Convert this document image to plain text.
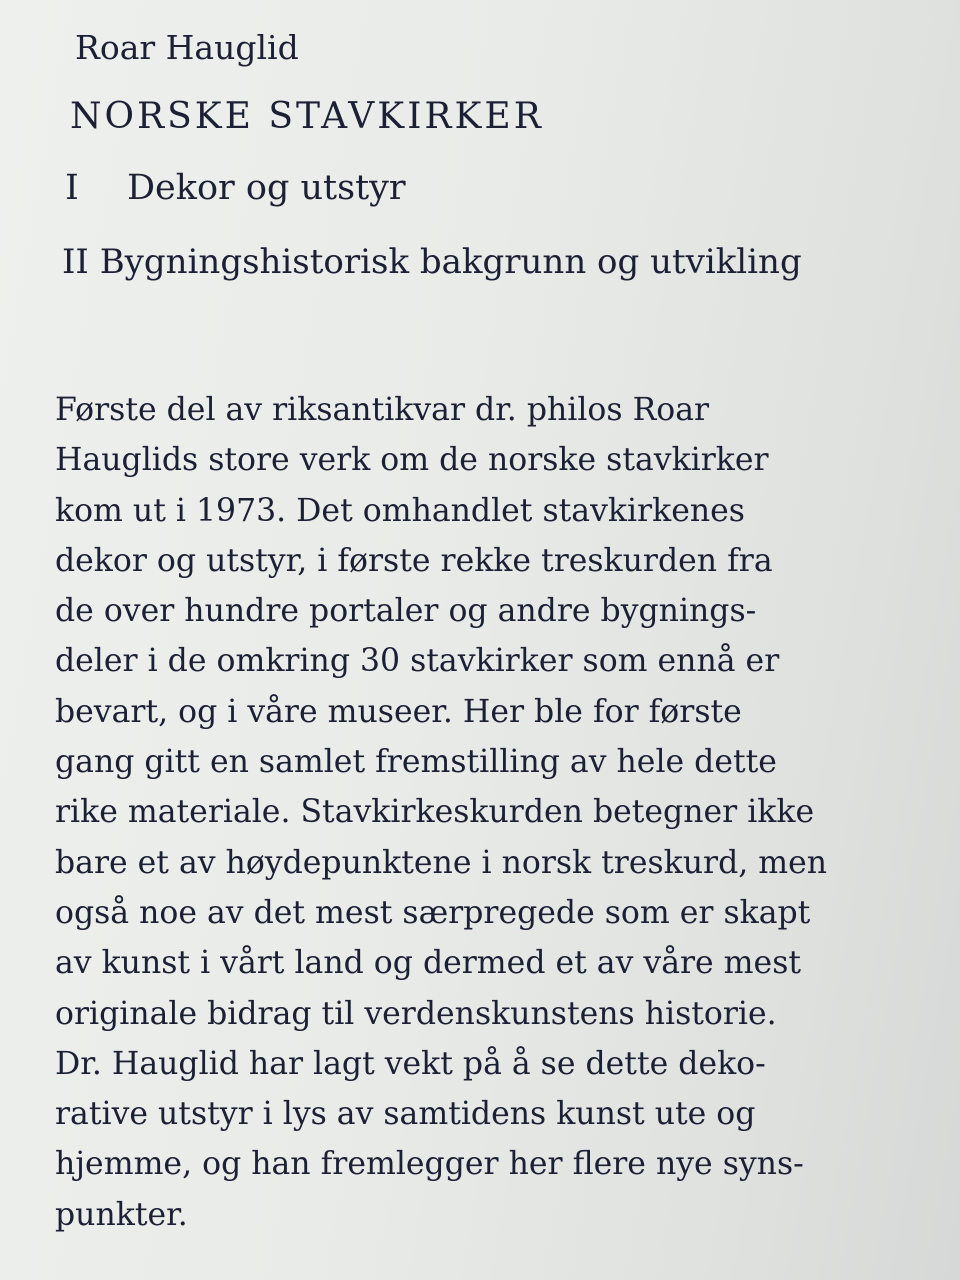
Roar Hauglid
NORSKE STAVKIRKER
I Dekor og utstyr
II Bygningshistorisk bakgrunn og utvikling
Første del av riksantikvar dr. philos Roar
Hauglids store verk om de norske stavkirker
kom ut i 1973. Det omhandlet stavkirkenes
dekor og utstyr, i første rekke treskurden fra
de over hundre portaler og andre bygnings-
deler i de omkring 30 stavkirker som ennå er
bevart, og i våre museer. Her ble for første
gang gitt en samlet fremstilling av hele dette
rike materiale. Stavkirkeskurden betegner ikke
bare et av høydepunktene i norsk treskurd, men
også noe av det mest særpregede som er skapt
av kunst i vårt land og dermed et av våre mest
originale bidrag til verdenskunstens historie.
Dr. Hauglid har lagt vekt på å se dette deko-
rative utstyr i lys av samtidens kunst ute og
hjemme, og han fremlegger her flere nye syns-
punkter.
